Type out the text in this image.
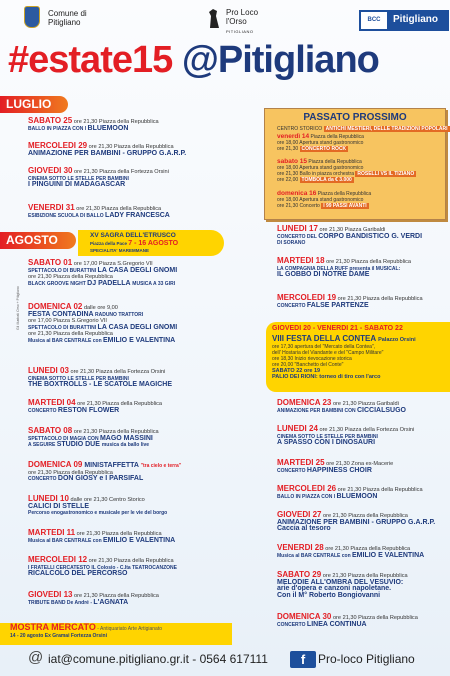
Comune di
Pitigliano
Pro Loco
l'Orso
PITIGLIANO
BCC	Pitigliano
#estate15 @Pitigliano
LUGLIO
SABATO 25 ore 21,30 Piazza della Repubblica
BALLO IN PIAZZA CON I BLUEMOON
MERCOLEDI 29 ore 21,30 Piazza della Repubblica
ANIMAZIONE PER BAMBINI - GRUPPO G.A.R.P.
GIOVEDI 30 ore 21,30 Piazza della Fortezza Orsini
CINEMA SOTTO LE STELLE PER BAMBINI
I PINGUINI DI MADAGASCAR
VENERDI 31 ore 21,30 Piazza della Repubblica
ESIBIZIONE SCUOLA DI BALLO LADY FRANCESCA
AGOSTO	XV SAGRA DELL'ETRUSCO
Piazza della Pace 7 - 16 AGOSTO
SPECIALITA' MAREMMANE
Gli illustrati Orso + Pitigliano
SABATO 01 ore 17,00 Piazza S.Gregorio VII
SPETTACOLO DI BURATTINI LA CASA DEGLI GNOMI
ore 21,30 Piazza della Repubblica
BLACK GROOVE NIGHT DJ PADELLA MUSICA A 33 GIRI
DOMENICA 02 dalle ore 9,00
FESTA CONTADINA RADUNO TRATTORI
ore 17,00 Piazza S.Gregorio VII
SPETTACOLO DI BURATTINI LA CASA DEGLI GNOMI
ore 21,30 Piazza della Repubblica
Musica al BAR CENTRALE con EMILIO E VALENTINA
LUNEDI 03 ore 21,30 Piazza della Fortezza Orsini
CINEMA SOTTO LE STELLE PER BAMBINI
THE BOXTROLLS - LE SCATOLE MAGICHE
MARTEDI 04 ore 21,30 Piazza della Repubblica
CONCERTO RESTON FLOWER
SABATO 08 ore 21,30 Piazza della Repubblica
SPETTACOLO DI MAGIA CON MAGO MASSINI
A SEGUIRE STUDIO DUE musica da ballo live
DOMENICA 09 MINISTAFFETTA "tra cielo e terra"
ore 21,30 Piazza della Repubblica
CONCERTO DON GIOSY e I PARSIFAL
LUNEDI 10 dalle ore 21,30 Centro Storico
CALICI DI STELLE
Percorso enogastronomico e musicale per le vie del borgo
MARTEDI 11 ore 21,30 Piazza della Repubblica
Musica al BAR CENTRALE con EMILIO E VALENTINA
MERCOLEDI 12 ore 21,30 Piazza della Repubblica
I FRATELLI CERCATESTO IL Colosio - C.Ita TEATROCANZONE
RICALCOLO DEL PERCORSO
GIOVEDI 13 ore 21,30 Piazza della Repubblica
TRIBUTE BAND De André - L'AGNATA
MOSTRA MERCATO - Antiquariato Arte Artigianato
14 - 20 agosto Ex Gramai Fortezza Orsini
PASSATO PROSSIMO
CENTRO STORICO ANTICHI MESTIERI, DELLE TRADIZIONI POPOLARI
venerdì 14 Piazza della Repubblica
ore 18,00 Apertura stand gastronomico
ore 21,30 CONCERTO ROCK
sabato 15 Piazza della Repubblica
ore 18,00 Apertura stand gastronomico
ore 21,30 Ballo in piazza orchestra ROSELLI VS IL TIZIANO
ore 22,00 TOMBOLA da € 3.000
domenica 16 Piazza della Repubblica
ore 18,00 Apertura stand gastronomico
ore 21,30 Concerto I 99 PASSI AVANTI
LUNEDI 17 ore 21,30 Piazza Garibaldi
CONCERTO DEL CORPO BANDISTICO G. VERDI
DI SORANO
MARTEDI 18 ore 21,30 Piazza della Repubblica
LA COMPAGNIA DELLA RUFF presenta il MUSICAL:
IL GOBBO DI NOTRE DAME
MERCOLEDI 19 ore 21,30 Piazza della Repubblica
CONCERTO FALSE PARTENZE
GIOVEDI 20 - VENERDI 21 - SABATO 22
VIII FESTA DELLA CONTEA Palazzo Orsini
ore 17,30 apertura del "Mercato della Contea",
dell' Hostaria del Viandante e del "Campo Militare"
ore 18,30 Inizio rievocazione storica
ore 20,00 "Banchetto del Conte"
SABATO 22 ore 19
PALIO DEI RIONI: torneo di tiro con l'arco
DOMENICA 23 ore 21,30 Piazza Garibaldi
ANIMAZIONE PER BAMBINI CON CICCIALSUGO
LUNEDI 24 ore 21,30 Piazza della Fortezza Orsini
CINEMA SOTTO LE STELLE PER BAMBINI
A SPASSO CON I DINOSAURI
MARTEDI 25 ore 21,30 Zona ex-Macerie
CONCERTO HAPPINESS CHOIR
MERCOLEDI 26 ore 21,30 Piazza della Repubblica
BALLO IN PIAZZA CON I BLUEMOON
GIOVEDI 27 ore 21,30 Piazza della Repubblica
ANIMAZIONE PER BAMBINI - GRUPPO G.A.R.P.
Caccia al tesoro
VENERDI 28 ore 21,30 Piazza della Repubblica
Musica al BAR CENTRALE con EMILIO E VALENTINA
SABATO 29 ore 21,30 Piazza della Repubblica
MELODIE ALL'OMBRA DEL VESUVIO:
arie d'opera e canzoni napoletane.
Con il M° Roberto Bongiovanni
DOMENICA 30 ore 21,30 Piazza della Repubblica
CONCERTO LINEA CONTINUA
@ iat@comune.pitigliano.gr.it - 0564 617111	f	Pro-loco Pitigliano
